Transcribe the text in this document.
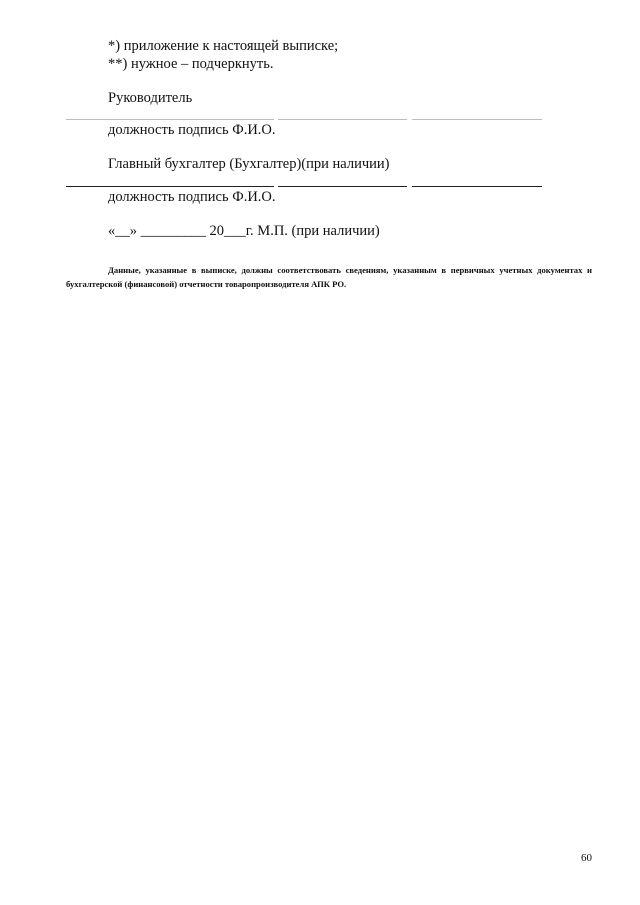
*) приложение к настоящей выписке;
**) нужное – подчеркнуть.
Руководитель
должность подпись Ф.И.О.
Главный бухгалтер (Бухгалтер)(при наличии)
должность подпись Ф.И.О.
«__» _________ 20___г. М.П. (при наличии)
Данные, указанные в выписке, должны соответствовать сведениям, указанным в первичных учетных документах и бухгалтерской (финансовой) отчетности товаропроизводителя АПК РО.
60
